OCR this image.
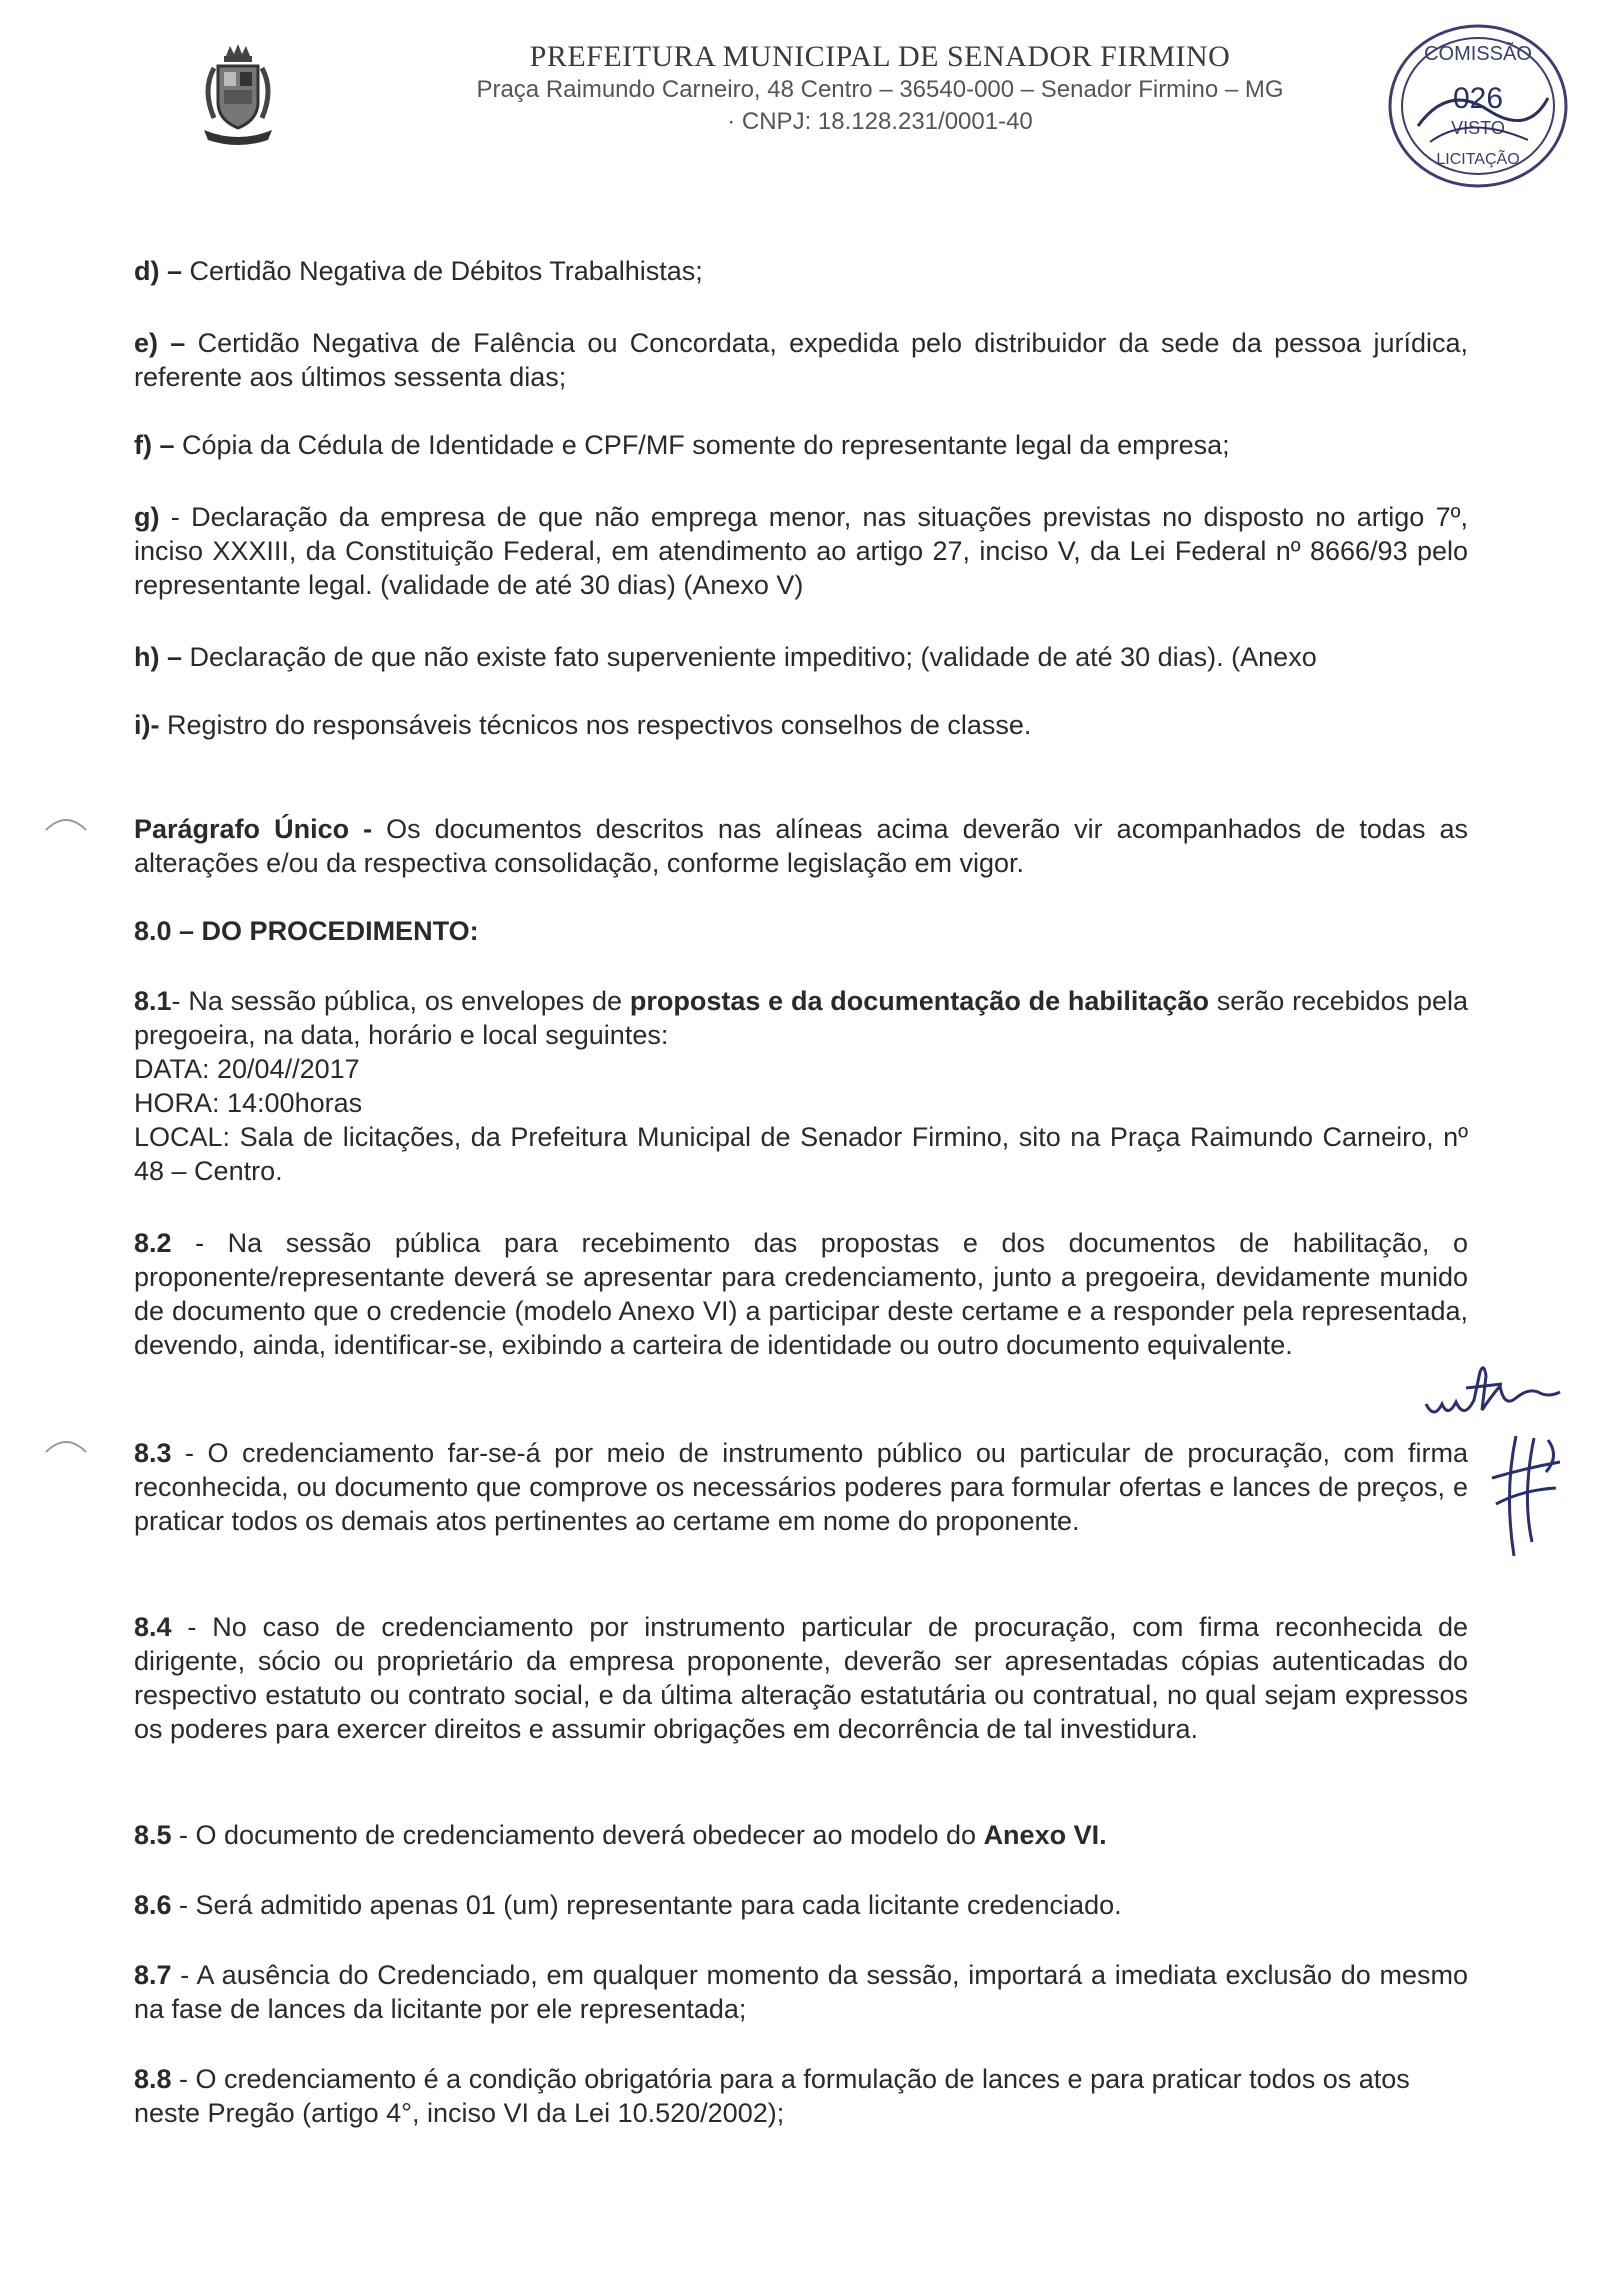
PREFEITURA MUNICIPAL DE SENADOR FIRMINO
Praça Raimundo Carneiro, 48 Centro – 36540-000 – Senador Firmino – MG
· CNPJ: 18.128.231/0001-40
COMISSÃO
026
VISTO
LICITAÇÃO

d) – Certidão Negativa de Débitos Trabalhistas;

e) – Certidão Negativa de Falência ou Concordata, expedida pelo distribuidor da sede da pessoa jurídica, referente aos últimos sessenta dias;

f) – Cópia da Cédula de Identidade e CPF/MF somente do representante legal da empresa;

g) - Declaração da empresa de que não emprega menor, nas situações previstas no disposto no artigo 7º, inciso XXXIII, da Constituição Federal, em atendimento ao artigo 27, inciso V, da Lei Federal nº 8666/93 pelo representante legal. (validade de até 30 dias) (Anexo V)

h) – Declaração de que não existe fato superveniente impeditivo; (validade de até 30 dias). (Anexo

i)- Registro do responsáveis técnicos nos respectivos conselhos de classe.

Parágrafo Único - Os documentos descritos nas alíneas acima deverão vir acompanhados de todas as alterações e/ou da respectiva consolidação, conforme legislação em vigor.

8.0 – DO PROCEDIMENTO:

8.1- Na sessão pública, os envelopes de propostas e da documentação de habilitação serão recebidos pela pregoeira, na data, horário e local seguintes:

DATA: 20/04//2017

HORA: 14:00horas

LOCAL: Sala de licitações, da Prefeitura Municipal de Senador Firmino, sito na Praça Raimundo Carneiro, nº 48 – Centro.

8.2 - Na sessão pública para recebimento das propostas e dos documentos de habilitação, o proponente/representante deverá se apresentar para credenciamento, junto a pregoeira, devidamente munido de documento que o credencie (modelo Anexo VI) a participar deste certame e a responder pela representada, devendo, ainda, identificar-se, exibindo a carteira de identidade ou outro documento equivalente.

8.3 - O credenciamento far-se-á por meio de instrumento público ou particular de procuração, com firma reconhecida, ou documento que comprove os necessários poderes para formular ofertas e lances de preços, e praticar todos os demais atos pertinentes ao certame em nome do proponente.

8.4 - No caso de credenciamento por instrumento particular de procuração, com firma reconhecida de dirigente, sócio ou proprietário da empresa proponente, deverão ser apresentadas cópias autenticadas do respectivo estatuto ou contrato social, e da última alteração estatutária ou contratual, no qual sejam expressos os poderes para exercer direitos e assumir obrigações em decorrência de tal investidura.

8.5 - O documento de credenciamento deverá obedecer ao modelo do Anexo VI.

8.6 - Será admitido apenas 01 (um) representante para cada licitante credenciado.

8.7 - A ausência do Credenciado, em qualquer momento da sessão, importará a imediata exclusão do mesmo na fase de lances da licitante por ele representada;

8.8 - O credenciamento é a condição obrigatória para a formulação de lances e para praticar todos os atos neste Pregão (artigo 4°, inciso VI da Lei 10.520/2002);
